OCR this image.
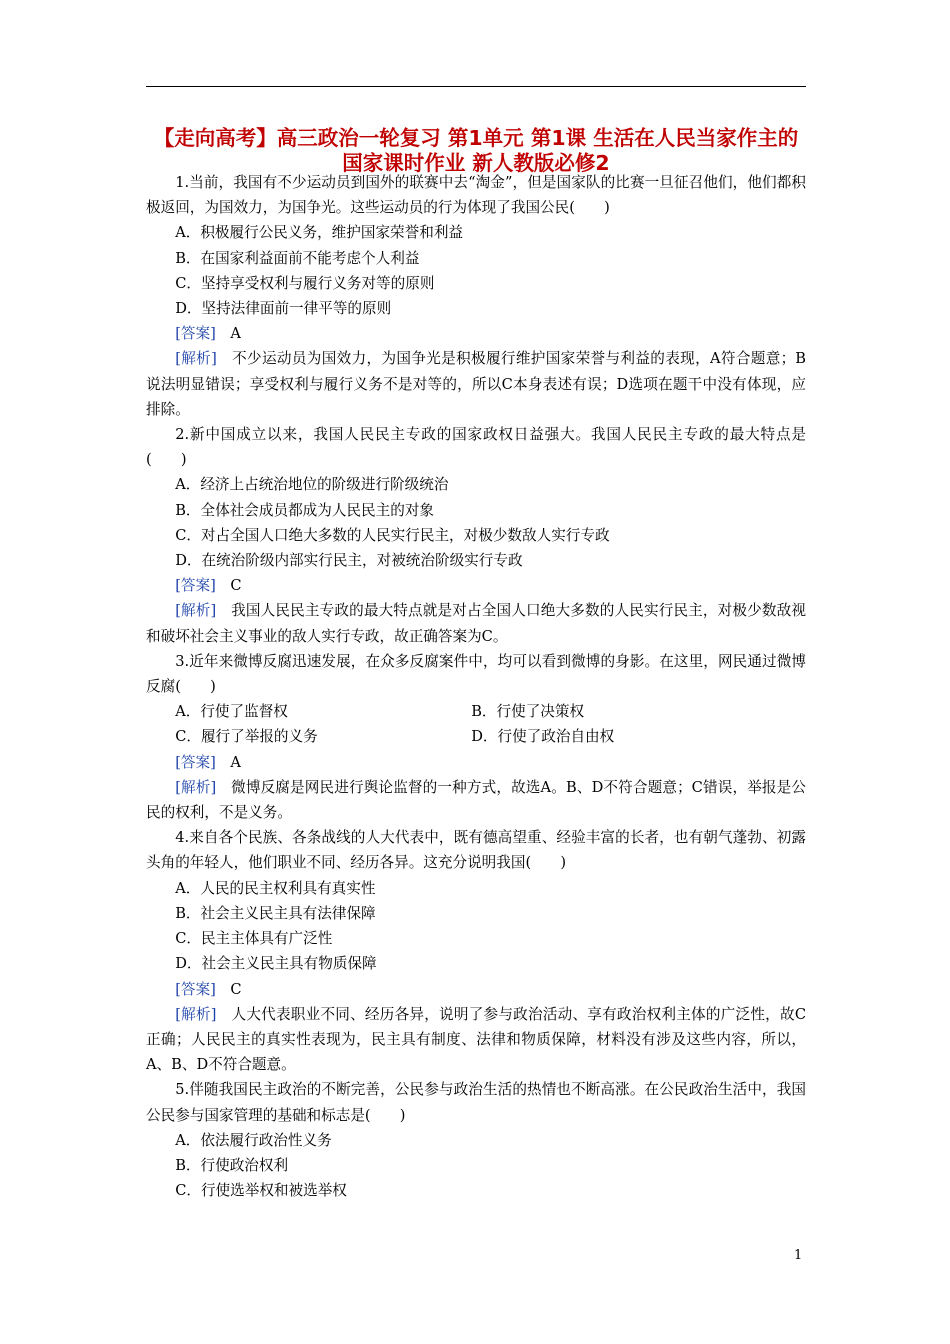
【走向高考】高三政治一轮复习 第1单元 第1课 生活在人民当家作主的国家课时作业 新人教版必修2

1.当前，我国有不少运动员到国外的联赛中去“淘金”，但是国家队的比赛一旦征召他们，他们都积极返回，为国效力，为国争光。这些运动员的行为体现了我国公民(　　)

A．积极履行公民义务，维护国家荣誉和利益

B．在国家利益面前不能考虑个人利益

C．坚持享受权利与履行义务对等的原则

D．坚持法律面前一律平等的原则

[答案]　 A

[解析]　 不少运动员为国效力，为国争光是积极履行维护国家荣誉与利益的表现，A符合题意；B说法明显错误；享受权利与履行义务不是对等的，所以C本身表述有误；D选项在题干中没有体现，应排除。

2.新中国成立以来，我国人民民主专政的国家政权日益强大。我国人民民主专政的最大特点是(　　)

A．经济上占统治地位的阶级进行阶级统治

B．全体社会成员都成为人民民主的对象

C．对占全国人口绝大多数的人民实行民主，对极少数敌人实行专政

D．在统治阶级内部实行民主，对被统治阶级实行专政

[答案]　 C

[解析]　 我国人民民主专政的最大特点就是对占全国人口绝大多数的人民实行民主，对极少数敌视和破坏社会主义事业的敌人实行专政，故正确答案为C。

3.近年来微博反腐迅速发展，在众多反腐案件中，均可以看到微博的身影。在这里，网民通过微博反腐(　　)

A．行使了监督权	B．行使了决策权
C．履行了举报的义务	D．行使了政治自由权

[答案]　 A

[解析]　 微博反腐是网民进行舆论监督的一种方式，故选A。B、D不符合题意；C错误，举报是公民的权利，不是义务。

4.来自各个民族、各条战线的人大代表中，既有德高望重、经验丰富的长者，也有朝气蓬勃、初露头角的年轻人，他们职业不同、经历各异。这充分说明我国(　　)

A．人民的民主权利具有真实性

B．社会主义民主具有法律保障

C．民主主体具有广泛性

D．社会主义民主具有物质保障

[答案]　 C

[解析]　 人大代表职业不同、经历各异，说明了参与政治活动、享有政治权利主体的广泛性，故C正确；人民民主的真实性表现为，民主具有制度、法律和物质保障，材料没有涉及这些内容，所以，A、B、D不符合题意。

5.伴随我国民主政治的不断完善，公民参与政治生活的热情也不断高涨。在公民政治生活中，我国公民参与国家管理的基础和标志是(　　)

A．依法履行政治性义务

B．行使政治权利

C．行使选举权和被选举权

1
